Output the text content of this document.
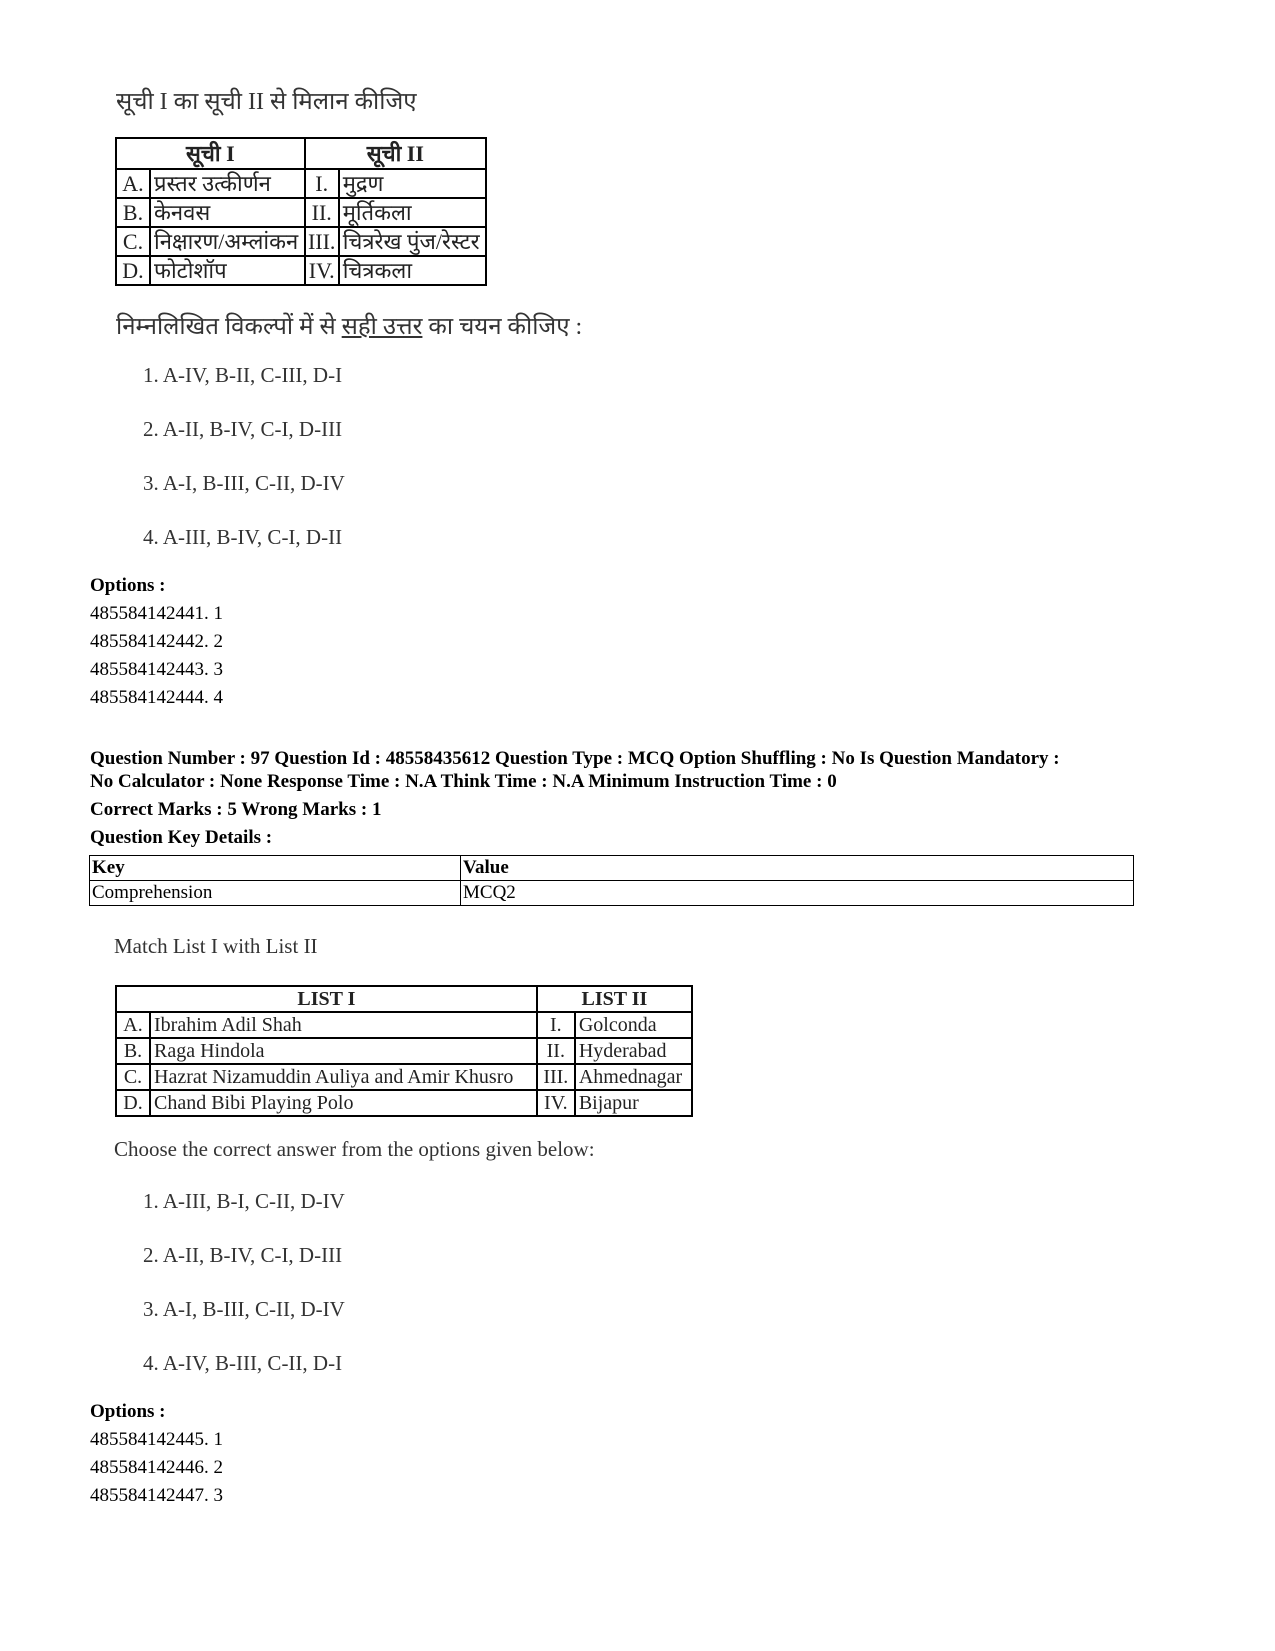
सूची I का सूची II से मिलान कीजिए
सूची I		सूची II	
A.	प्रस्तर उत्कीर्णन	I.	मुद्रण
B.	केनवस	II.	मूर्तिकला
C.	निक्षारण/अम्लांकन	III.	चित्ररेख पुंज/रेस्टर
D.	फोटोशॉप	IV.	चित्रकला
निम्नलिखित विकल्पों में से सही उत्तर का चयन कीजिए :
1. A-IV, B-II, C-III, D-I
2. A-II, B-IV, C-I, D-III
3. A-I, B-III, C-II, D-IV
4. A-III, B-IV, C-I, D-II
Options :
485584142441. 1
485584142442. 2
485584142443. 3
485584142444. 4
Question Number : 97 Question Id : 48558435612 Question Type : MCQ Option Shuffling : No Is Question Mandatory :
No Calculator : None Response Time : N.A Think Time : N.A Minimum Instruction Time : 0
Correct Marks : 5 Wrong Marks : 1
Question Key Details :
Key	Value
Comprehension	MCQ2
Match List I with List II
LIST I		LIST II	
A.	Ibrahim Adil Shah	I.	Golconda
B.	Raga Hindola	II.	Hyderabad
C.	Hazrat Nizamuddin Auliya and Amir Khusro	III.	Ahmednagar
D.	Chand Bibi Playing Polo	IV.	Bijapur
Choose the correct answer from the options given below:
1. A-III, B-I, C-II, D-IV
2. A-II, B-IV, C-I, D-III
3. A-I, B-III, C-II, D-IV
4. A-IV, B-III, C-II, D-I
Options :
485584142445. 1
485584142446. 2
485584142447. 3
